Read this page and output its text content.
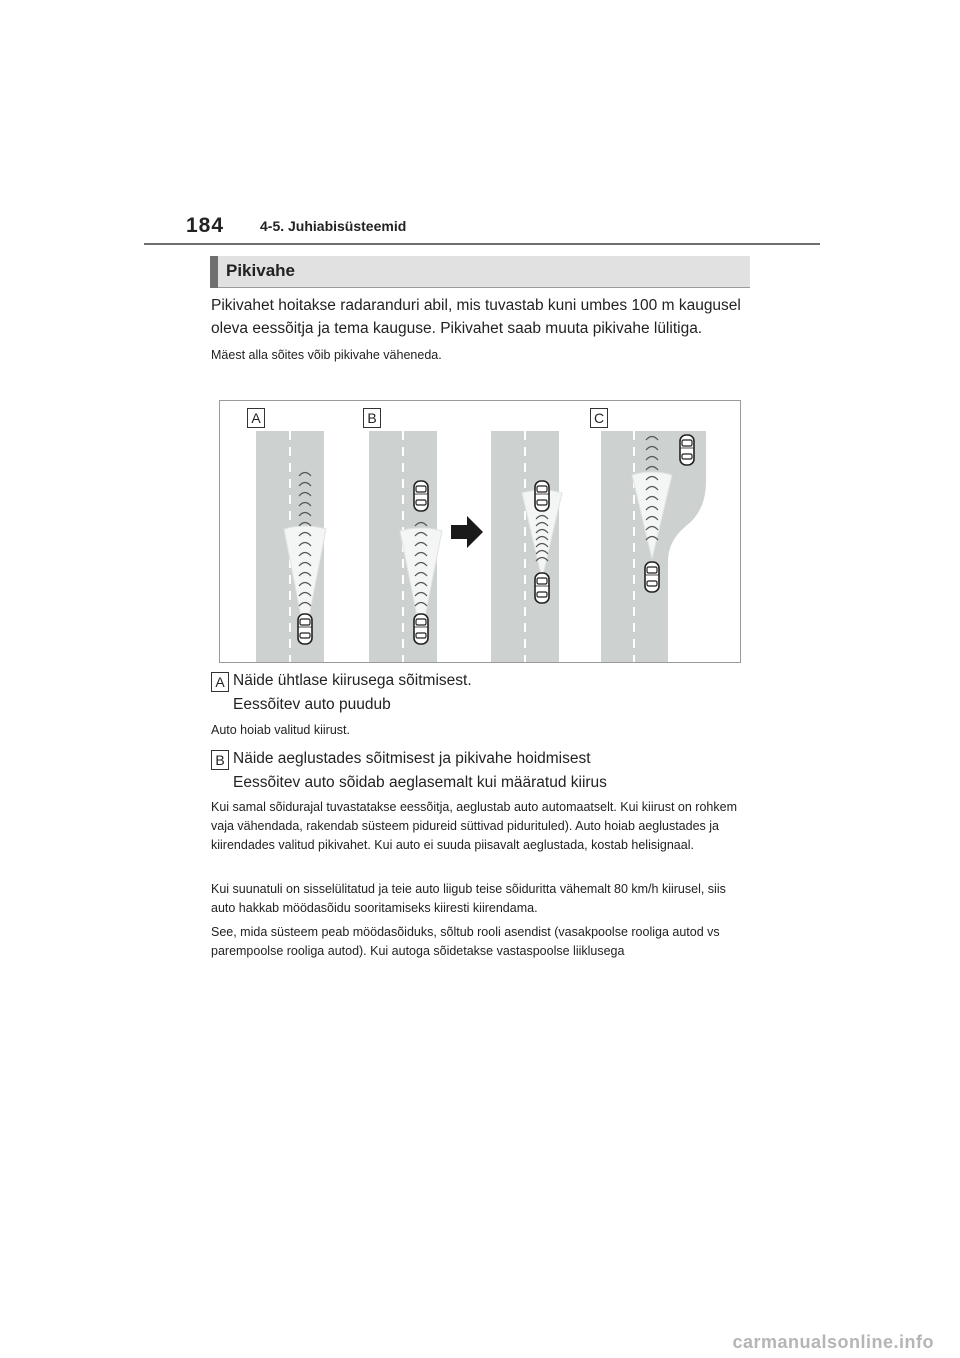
184	4-5. Juhiabisüsteemid
Pikivahe
Pikivahet hoitakse radaranduri abil, mis tuvastab kuni umbes 100 m kaugusel oleva eessõitja ja tema kauguse. Pikivahet saab muuta pikivahe lülitiga.
Mäest alla sõites võib pikivahe väheneda.
A	B	C
A Näide ühtlase kiirusega sõitmisest.
Eessõitev auto puudub
Auto hoiab valitud kiirust.
B Näide aeglustades sõitmisest ja pikivahe hoidmisest
Eessõitev auto sõidab aeglasemalt kui määratud kiirus
Kui samal sõidurajal tuvastatakse eessõitja, aeglustab auto automaatselt. Kui kiirust on rohkem vaja vähendada, rakendab süsteem pidureid süttivad pidurituled). Auto hoiab aeglustades ja kiirendades valitud pikivahet. Kui auto ei suuda piisavalt aeglustada, kostab helisignaal.
Kui suunatuli on sisselülitatud ja teie auto liigub teise sõiduritta vähemalt 80 km/h kiirusel, siis auto hakkab möödasõidu sooritamiseks kiiresti kiirendama.
See, mida süsteem peab möödasõiduks, sõltub rooli asendist (vasakpoolse rooliga autod vs parempoolse rooliga autod). Kui autoga sõidetakse vastaspoolse liiklusega
carmanualsonline.info
